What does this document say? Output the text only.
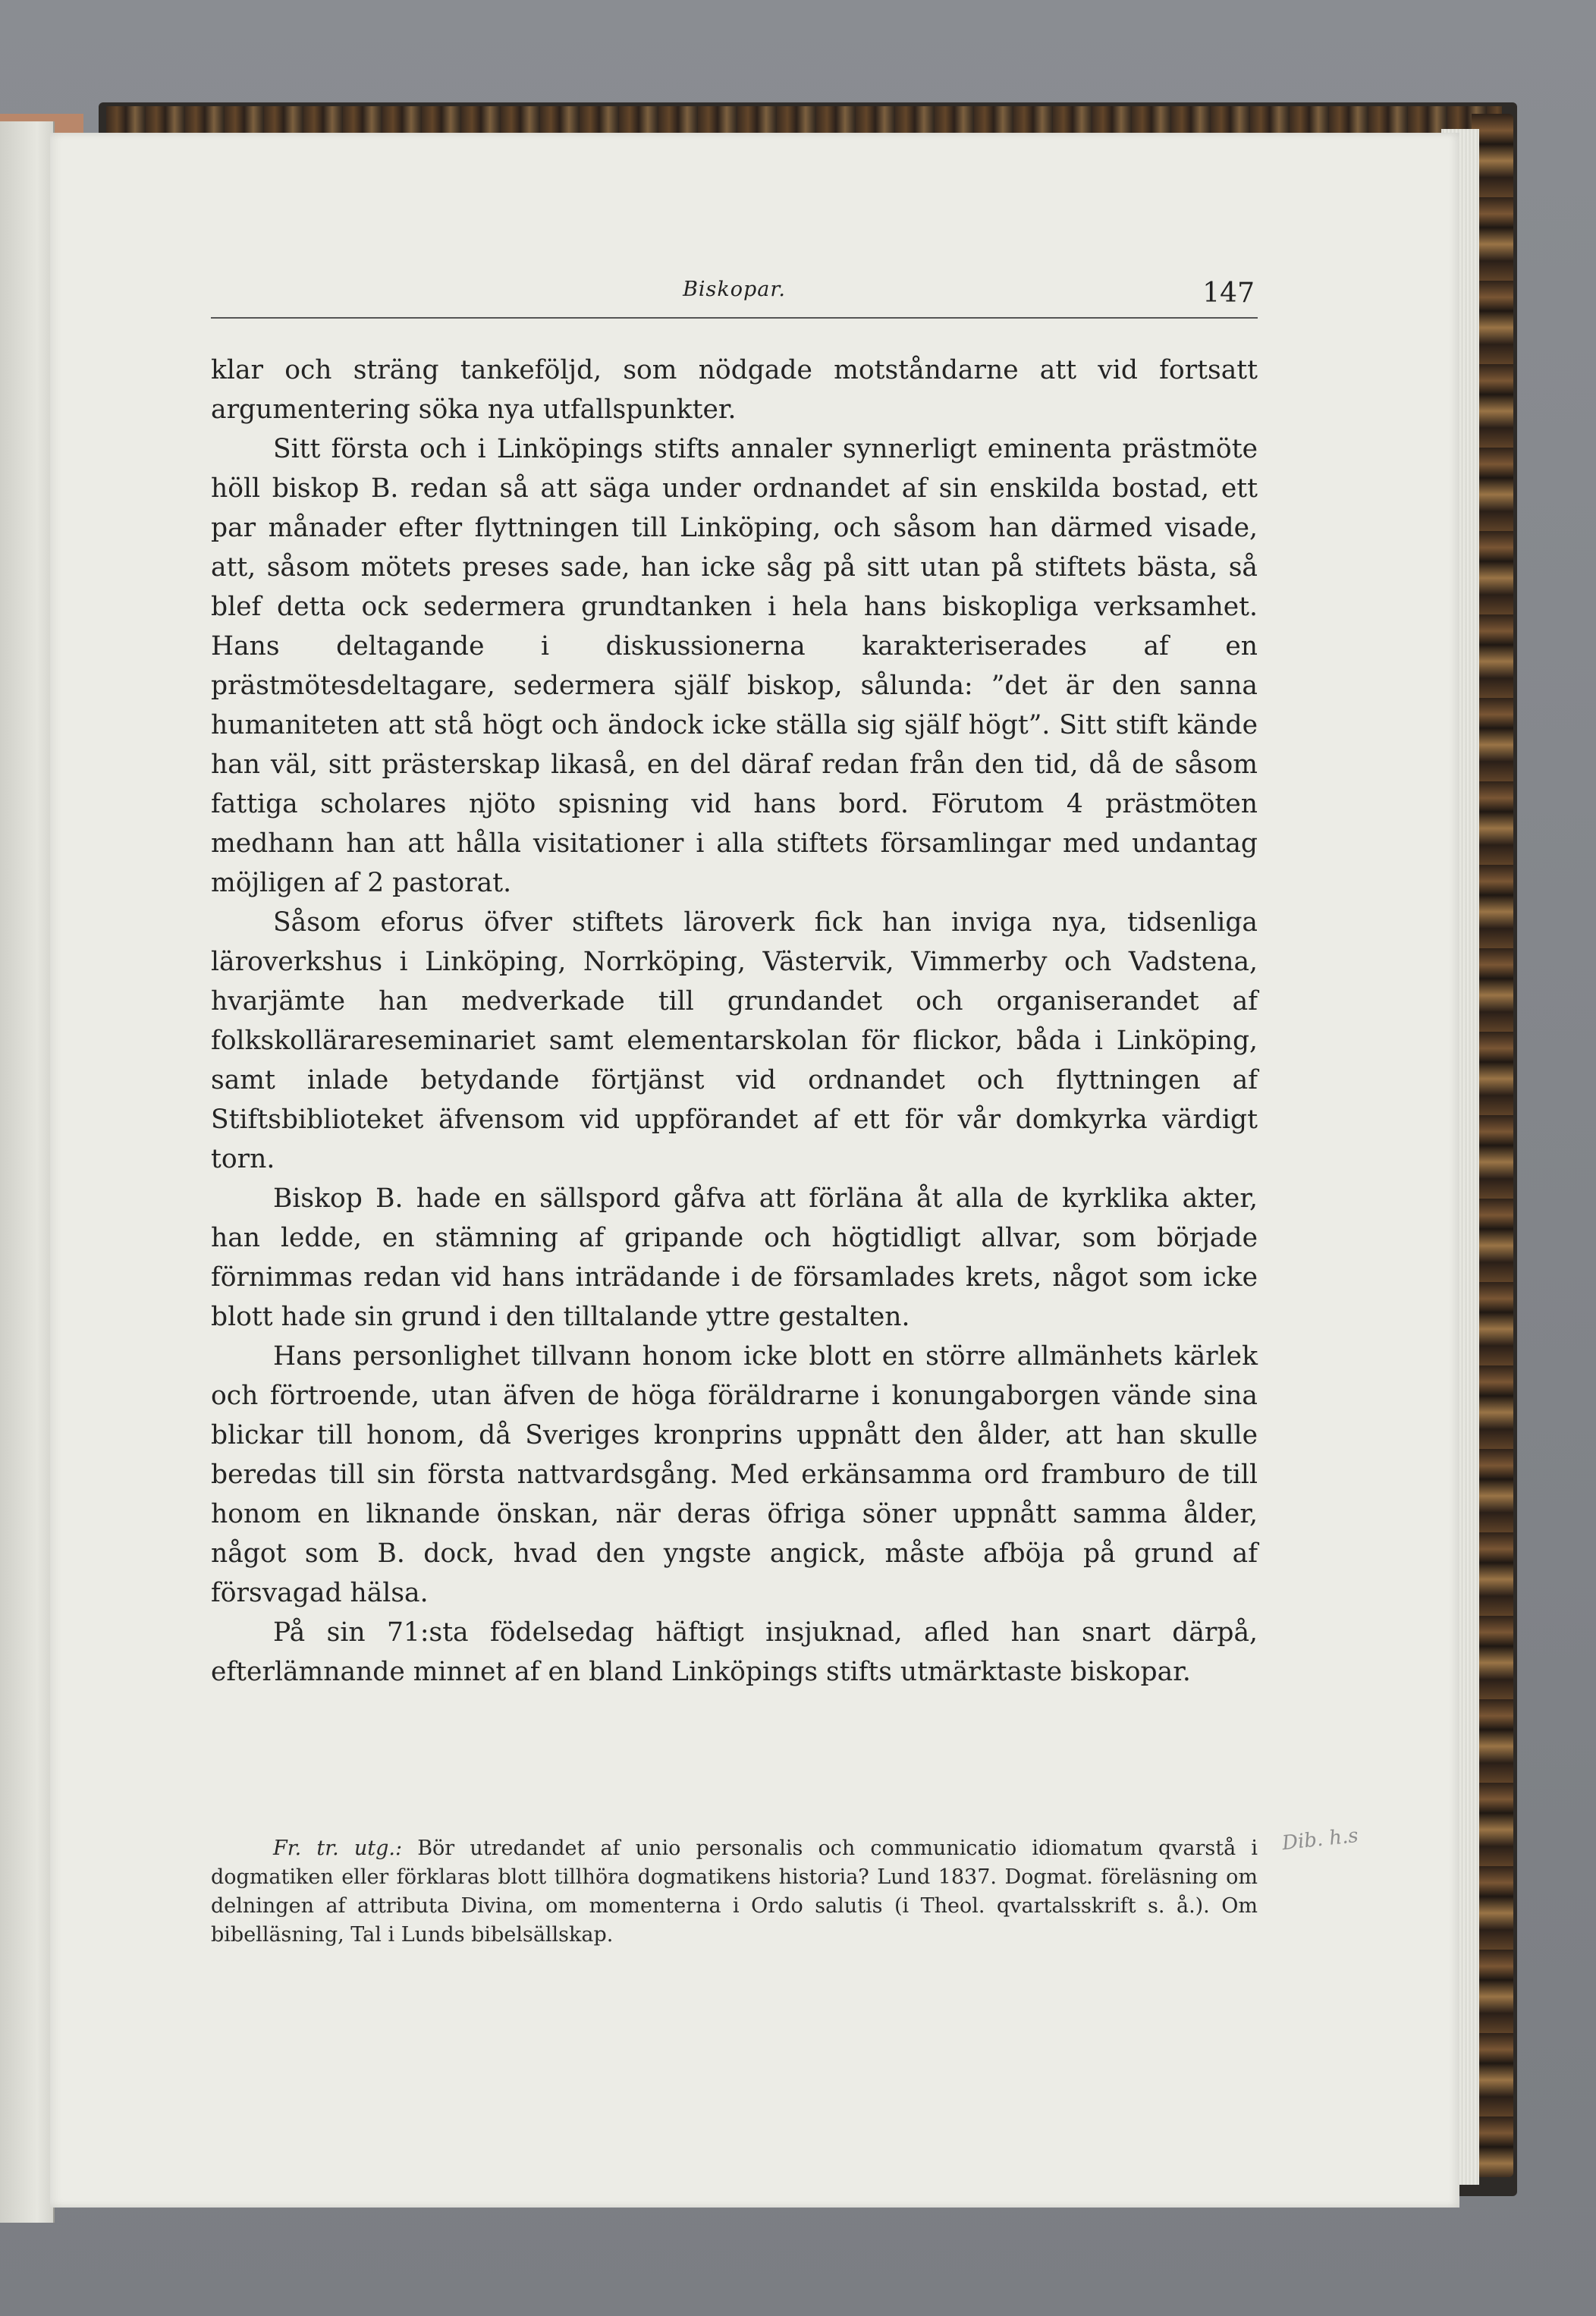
Biskopar.	147

klar och sträng tankeföljd, som nödgade motståndarne att vid fortsatt argumentering söka nya utfallspunkter.

Sitt första och i Linköpings stifts annaler synnerligt eminenta prästmöte höll biskop B. redan så att säga under ordnandet af sin enskilda bostad, ett par månader efter flyttningen till Linköping, och såsom han därmed visade, att, såsom mötets preses sade, han icke såg på sitt utan på stiftets bästa, så blef detta ock sedermera grundtanken i hela hans biskopliga verksamhet. Hans deltagande i diskussionerna karakteriserades af en prästmötesdeltagare, sedermera själf biskop, sålunda: ”det är den sanna humaniteten att stå högt och ändock icke ställa sig själf högt”. Sitt stift kände han väl, sitt prästerskap likaså, en del däraf redan från den tid, då de såsom fattiga scholares njöto spisning vid hans bord. Förutom 4 prästmöten medhann han att hålla visitationer i alla stiftets församlingar med undantag möjligen af 2 pastorat.

Såsom eforus öfver stiftets läroverk fick han inviga nya, tidsenliga läroverkshus i Linköping, Norrköping, Västervik, Vimmerby och Vadstena, hvarjämte han medverkade till grundandet och organiserandet af folkskollärareseminariet samt elementarskolan för flickor, båda i Linköping, samt inlade betydande förtjänst vid ordnandet och flyttningen af Stiftsbiblioteket äfvensom vid uppförandet af ett för vår domkyrka värdigt torn.

Biskop B. hade en sällspord gåfva att förläna åt alla de kyrklika akter, han ledde, en stämning af gripande och högtidligt allvar, som började förnimmas redan vid hans inträdande i de församlades krets, något som icke blott hade sin grund i den tilltalande yttre gestalten.

Hans personlighet tillvann honom icke blott en större allmänhets kärlek och förtroende, utan äfven de höga föräldrarne i konungaborgen vände sina blickar till honom, då Sveriges kronprins uppnått den ålder, att han skulle beredas till sin första nattvardsgång. Med erkänsamma ord framburo de till honom en liknande önskan, när deras öfriga söner uppnått samma ålder, något som B. dock, hvad den yngste angick, måste afböja på grund af försvagad hälsa.

På sin 71:sta födelsedag häftigt insjuknad, afled han snart därpå, efterlämnande minnet af en bland Linköpings stifts utmärktaste biskopar.

Fr. tr. utg.: Bör utredandet af unio personalis och communicatio idiomatum qvarstå i dogmatiken eller förklaras blott tillhöra dogmatikens historia? Lund 1837. Dogmat. föreläsning om delningen af attributa Divina, om momenterna i Ordo salutis (i Theol. qvartalsskrift s. å.). Om bibelläsning, Tal i Lunds bibelsällskap.
Dib. h.s
